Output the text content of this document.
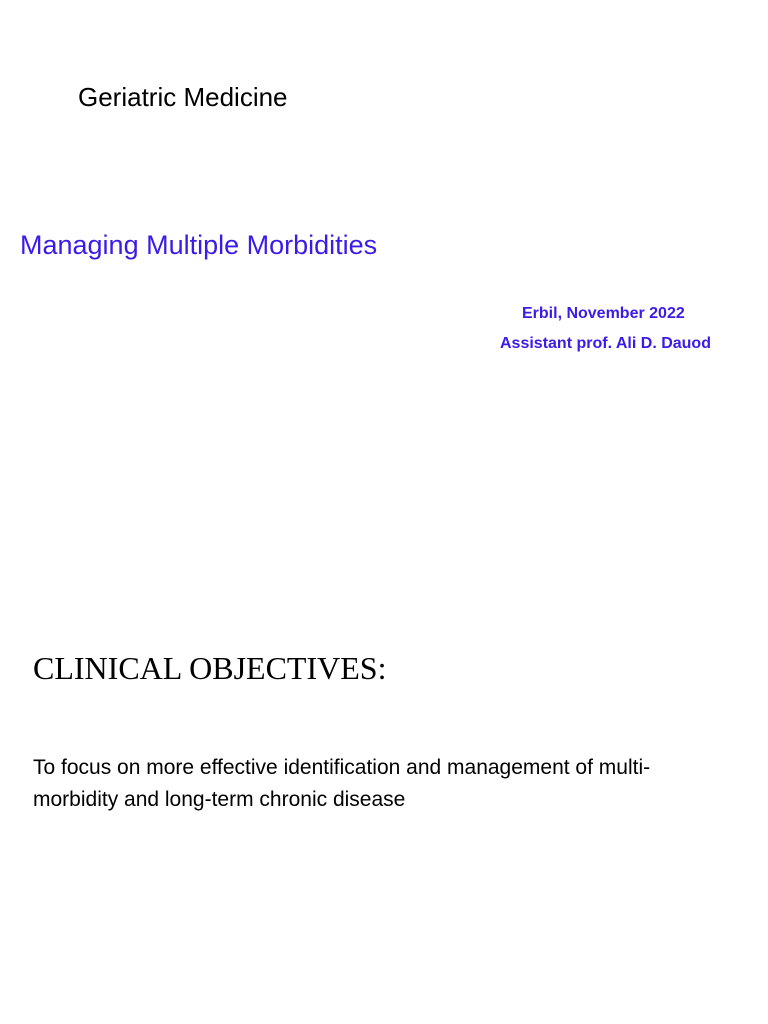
Geriatric Medicine
Managing Multiple Morbidities

Erbil, November 2022

Assistant prof. Ali D. Dauod

CLINICAL OBJECTIVES:

To focus on more effective identification and management of multi-morbidity and long-term chronic disease
